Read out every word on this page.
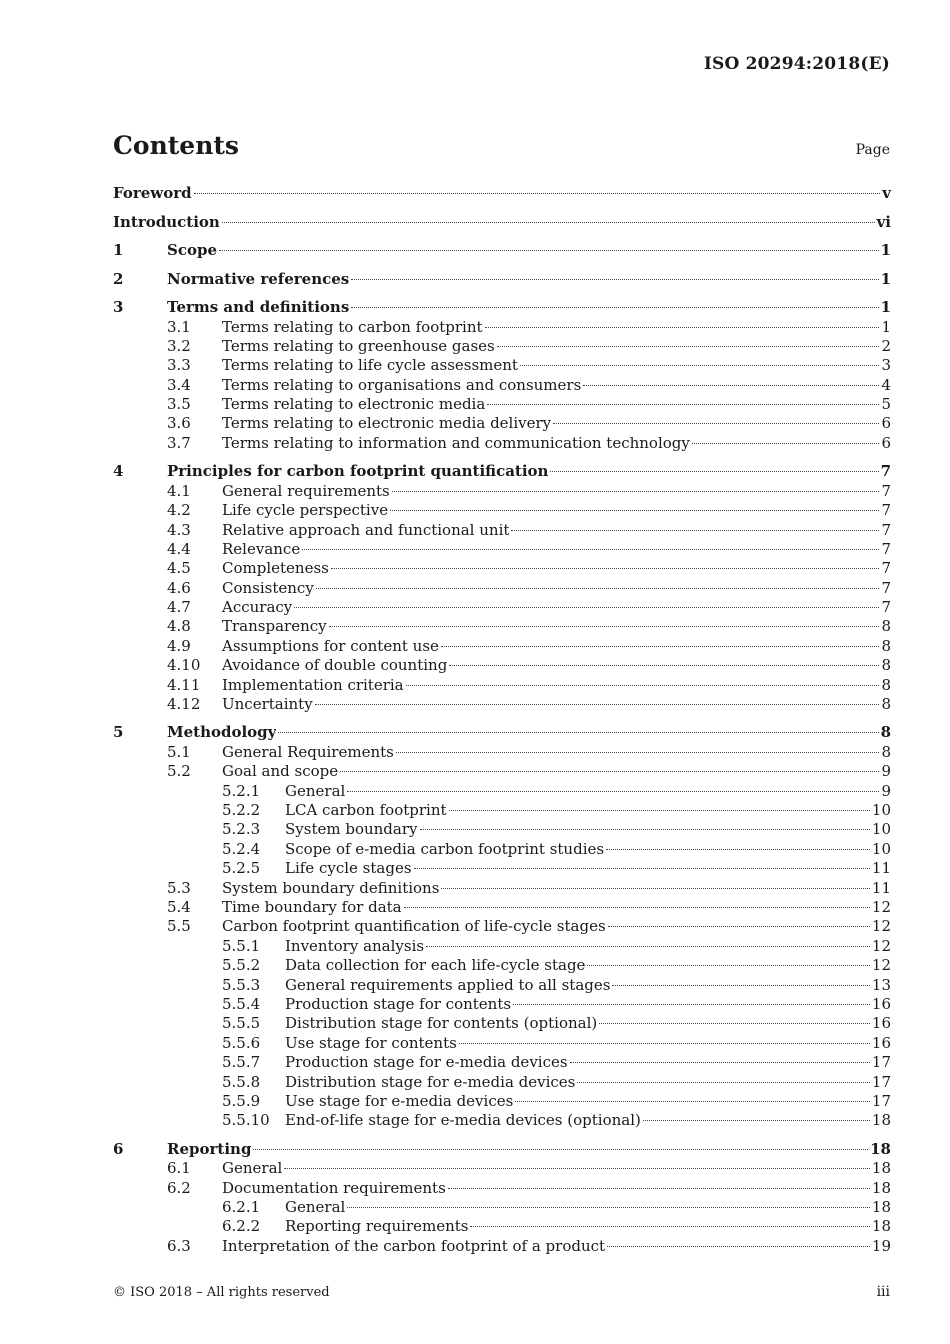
ISO 20294:2018(E)
Contents	Page
Foreword	v
Introduction	vi
1	Scope	1
2	Normative references	1
3	Terms and definitions	1
3.1	Terms relating to carbon footprint	1
3.2	Terms relating to greenhouse gases	2
3.3	Terms relating to life cycle assessment	3
3.4	Terms relating to organisations and consumers	4
3.5	Terms relating to electronic media	5
3.6	Terms relating to electronic media delivery	6
3.7	Terms relating to information and communication technology	6
4	Principles for carbon footprint quantification	7
4.1	General requirements	7
4.2	Life cycle perspective	7
4.3	Relative approach and functional unit	7
4.4	Relevance	7
4.5	Completeness	7
4.6	Consistency	7
4.7	Accuracy	7
4.8	Transparency	8
4.9	Assumptions for content use	8
4.10	Avoidance of double counting	8
4.11	Implementation criteria	8
4.12	Uncertainty	8
5	Methodology	8
5.1	General Requirements	8
5.2	Goal and scope	9
5.2.1	General	9
5.2.2	LCA carbon footprint	10
5.2.3	System boundary	10
5.2.4	Scope of e-media carbon footprint studies	10
5.2.5	Life cycle stages	11
5.3	System boundary definitions	11
5.4	Time boundary for data	12
5.5	Carbon footprint quantification of life-cycle stages	12
5.5.1	Inventory analysis	12
5.5.2	Data collection for each life-cycle stage	12
5.5.3	General requirements applied to all stages	13
5.5.4	Production stage for contents	16
5.5.5	Distribution stage for contents (optional)	16
5.5.6	Use stage for contents	16
5.5.7	Production stage for e-media devices	17
5.5.8	Distribution stage for e-media devices	17
5.5.9	Use stage for e-media devices	17
5.5.10	End-of-life stage for e-media devices (optional)	18
6	Reporting	18
6.1	General	18
6.2	Documentation requirements	18
6.2.1	General	18
6.2.2	Reporting requirements	18
6.3	Interpretation of the carbon footprint of a product	19
© ISO 2018 – All rights reserved	iii
